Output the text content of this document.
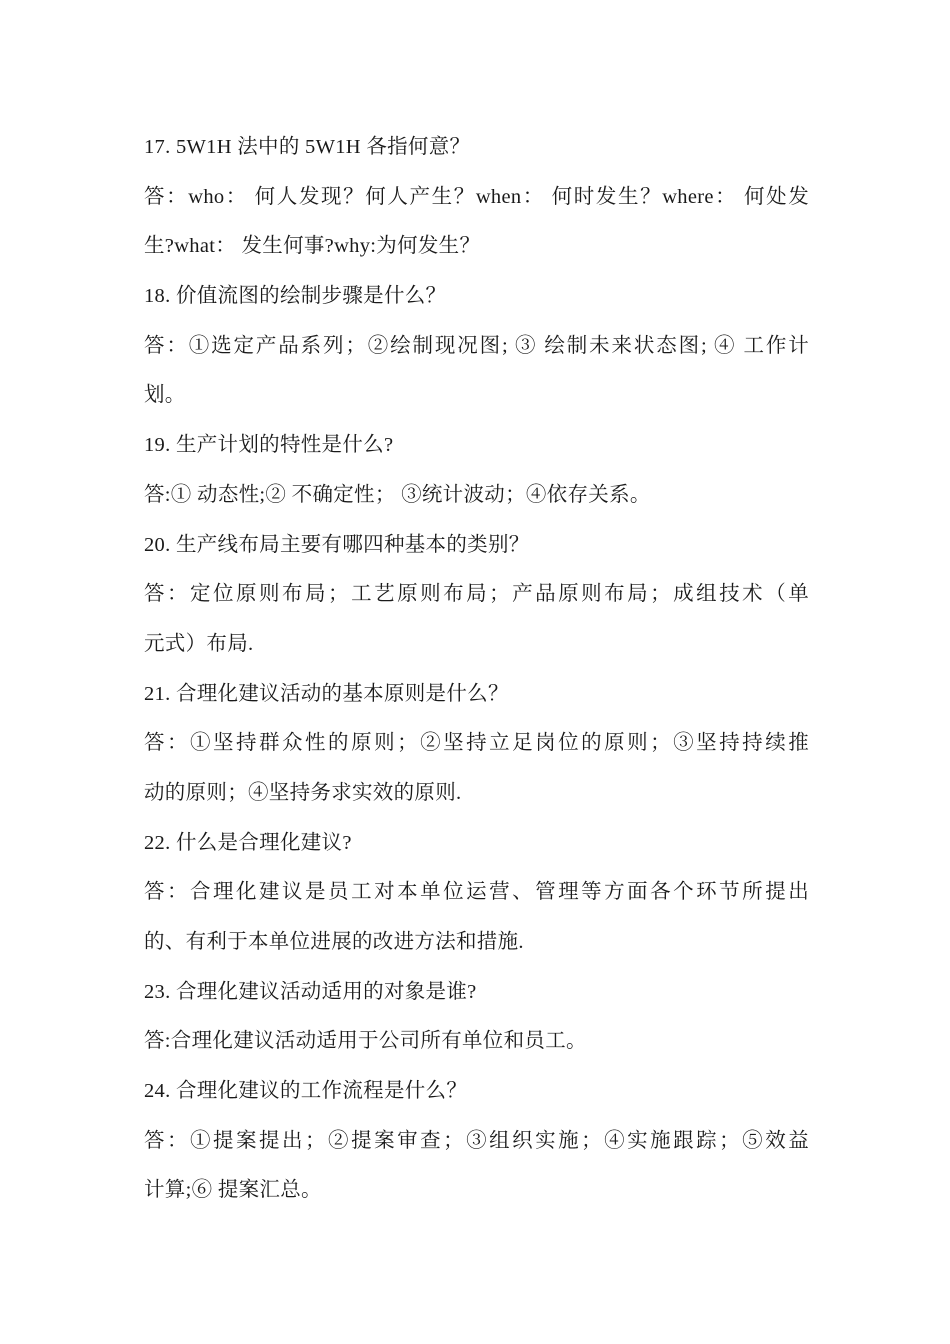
17. 5W1H 法中的 5W1H 各指何意？
答：who： 何人发现？何人产生？when： 何时发生？where： 何处发
生?what： 发生何事?why:为何发生？
18. 价值流图的绘制步骤是什么？
答：①选定产品系列；②绘制现况图; ③ 绘制未来状态图; ④ 工作计
划。
19. 生产计划的特性是什么?
答:① 动态性;② 不确定性； ③统计波动；④依存关系。
20. 生产线布局主要有哪四种基本的类别？
答：定位原则布局；工艺原则布局；产品原则布局；成组技术（单
元式）布局.
21. 合理化建议活动的基本原则是什么？
答：①坚持群众性的原则；②坚持立足岗位的原则；③坚持持续推
动的原则；④坚持务求实效的原则.
22. 什么是合理化建议?
答：合理化建议是员工对本单位运营、管理等方面各个环节所提出
的、有利于本单位进展的改进方法和措施.
23. 合理化建议活动适用的对象是谁?
答:合理化建议活动适用于公司所有单位和员工。
24. 合理化建议的工作流程是什么？
答：①提案提出；②提案审查；③组织实施；④实施跟踪；⑤效益
计算;⑥ 提案汇总。
